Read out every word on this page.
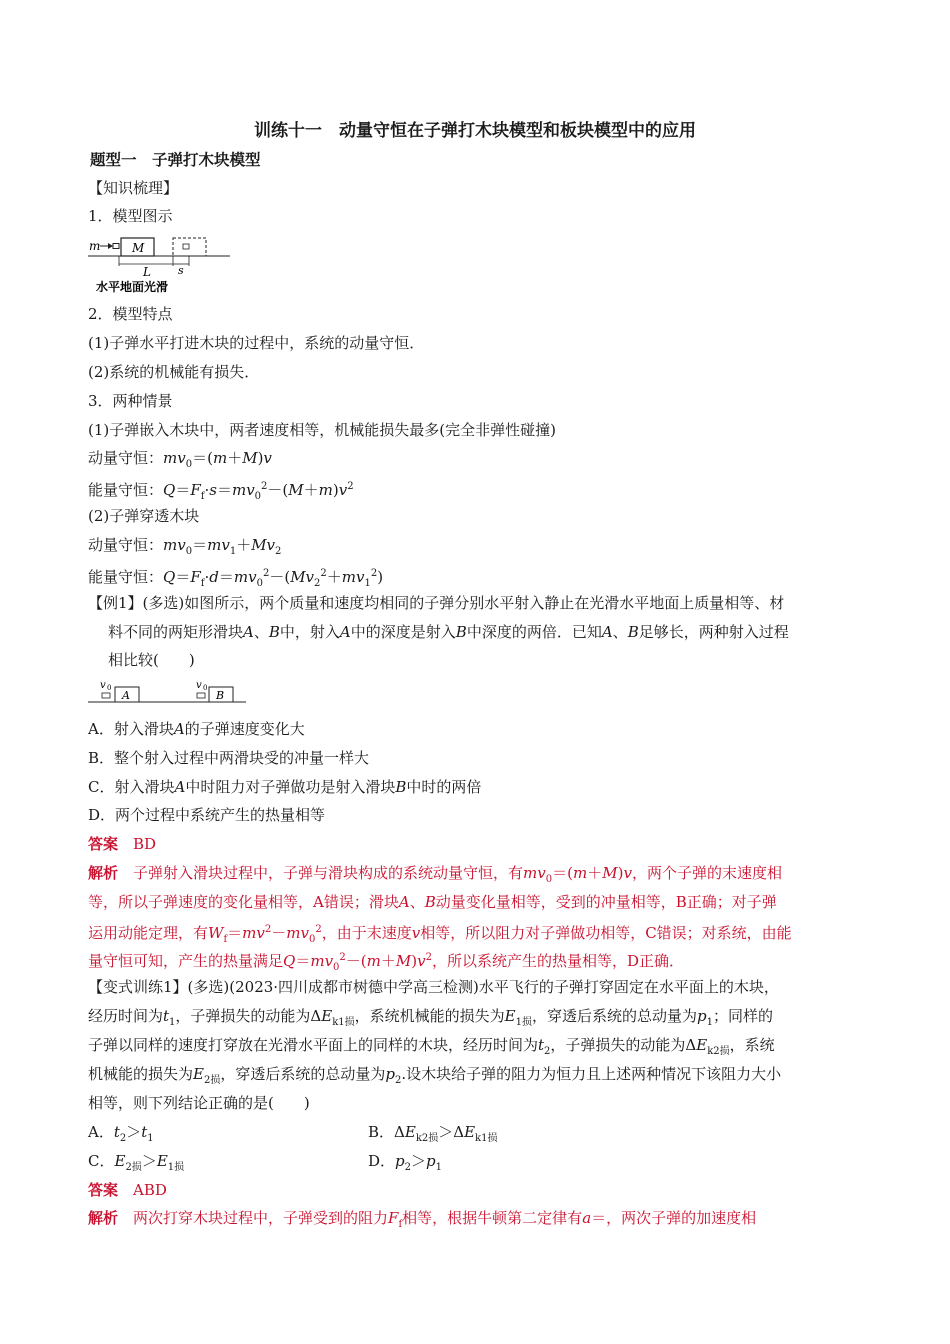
训练十一　动量守恒在子弹打木块模型和板块模型中的应用
题型一　子弹打木块模型
【知识梳理】
1．模型图示
m	M
L s
水平地面光滑
2．模型特点
(1)子弹水平打进木块的过程中，系统的动量守恒．
(2)系统的机械能有损失．
3．两种情景
(1)子弹嵌入木块中，两者速度相等，机械能损失最多(完全非弹性碰撞)
动量守恒：$mv_0=(m+M)v$
能量守恒：$Q=F_f\cdot s=mv_0^2-(M+m)v^2$
(2)子弹穿透木块
动量守恒：$mv_0=mv_1+Mv_2$
能量守恒：$Q=F_f\cdot d=mv_0^2-(Mv_2^2+mv_1^2)$
【例1】(多选)如图所示，两个质量和速度均相同的子弹分别水平射入静止在光滑水平地面上质量相等、材
料不同的两矩形滑块A、B中，射入A中的深度是射入B中深度的两倍．已知A、B足够长，两种射入过程
相比较(　　)
v 0
A
v 0
B
A．射入滑块A的子弹速度变化大
B．整个射入过程中两滑块受的冲量一样大
C．射入滑块A中时阻力对子弹做功是射入滑块B中时的两倍
D．两个过程中系统产生的热量相等
答案　 BD
解析　 子弹射入滑块过程中，子弹与滑块构成的系统动量守恒，有$mv_0=(m+M)v$，两个子弹的末速度相
等，所以子弹速度的变化量相等，A错误；滑块A、B动量变化量相等，受到的冲量相等，B正确；对子弹
运用动能定理，有$W_f=mv^2-mv_0^2$，由于末速度v相等，所以阻力对子弹做功相等，C错误；对系统，由能
量守恒可知，产生的热量满足$Q=mv_0^2-(m+M)v^2$，所以系统产生的热量相等，D正确．
【变式训练1】(多选)(2023·四川成都市树德中学高三检测)水平飞行的子弹打穿固定在水平面上的木块，
经历时间为$t_1$，子弹损失的动能为$\Delta E_{k1损}$，系统机械能的损失为$E_{1损}$，穿透后系统的总动量为$p_1$；同样的
子弹以同样的速度打穿放在光滑水平面上的同样的木块，经历时间为$t_2$，子弹损失的动能为$\Delta E_{k2损}$，系统
机械能的损失为$E_{2损}$，穿透后系统的总动量为$p_2$.设木块给子弹的阻力为恒力且上述两种情况下该阻力大小
相等，则下列结论正确的是(　　)
A．$t_2>t_1$	B．$\Delta E_{k2损}>\Delta E_{k1损}$
C．$E_{2损}>E_{1损}$	D．$p_2>p_1$
答案　 ABD
解析　 两次打穿木块过程中，子弹受到的阻力$F_f$相等，根据牛顿第二定律有a＝，两次子弹的加速度相
